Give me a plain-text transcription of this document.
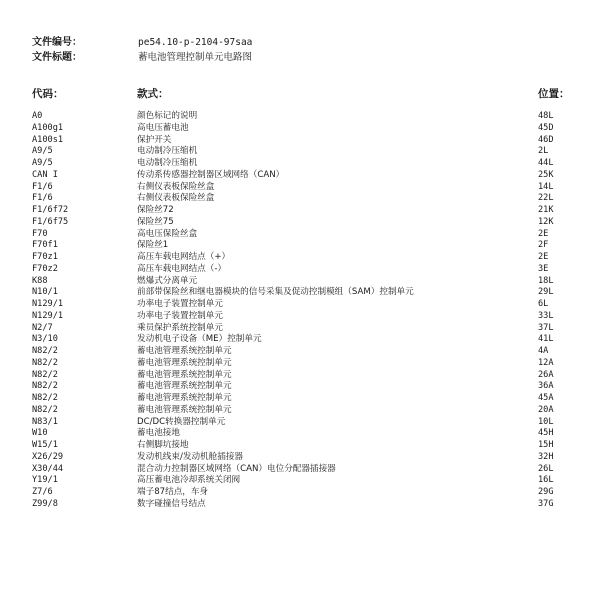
文件编号：	pe54.10-p-2104-97saa
文件标题：	蓄电池管理控制单元电路图
代码：	款式：	位置：
A0	颜色标记的说明	48L
A100g1	高电压蓄电池	45D
A100s1	保护开关	46D
A9/5	电动制冷压缩机	2L
A9/5	电动制冷压缩机	44L
CAN I	传动系传感器控制器区域网络（CAN）	25K
F1/6	右侧仪表板保险丝盒	14L
F1/6	右侧仪表板保险丝盒	22L
F1/6f72	保险丝72	21K
F1/6f75	保险丝75	12K
F70	高电压保险丝盒	2E
F70f1	保险丝1	2F
F70z1	高压车载电网结点（+）	2E
F70z2	高压车载电网结点（-）	3E
K88	燃爆式分离单元	18L
N10/1	前部带保险丝和继电器模块的信号采集及促动控制模组（SAM）控制单元	29L
N129/1	功率电子装置控制单元	6L
N129/1	功率电子装置控制单元	33L
N2/7	乘员保护系统控制单元	37L
N3/10	发动机电子设备（ME）控制单元	41L
N82/2	蓄电池管理系统控制单元	4A
N82/2	蓄电池管理系统控制单元	12A
N82/2	蓄电池管理系统控制单元	26A
N82/2	蓄电池管理系统控制单元	36A
N82/2	蓄电池管理系统控制单元	45A
N82/2	蓄电池管理系统控制单元	20A
N83/1	DC/DC转换器控制单元	10L
W10	蓄电池接地	45H
W15/1	右侧脚坑接地	15H
X26/29	发动机线束/发动机舱插接器	32H
X30/44	混合动力控制器区域网络（CAN）电位分配器插接器	26L
Y19/1	高压蓄电池冷却系统关闭阀	16L
Z7/6	端子87结点，车身	29G
Z99/8	数字碰撞信号结点	37G
